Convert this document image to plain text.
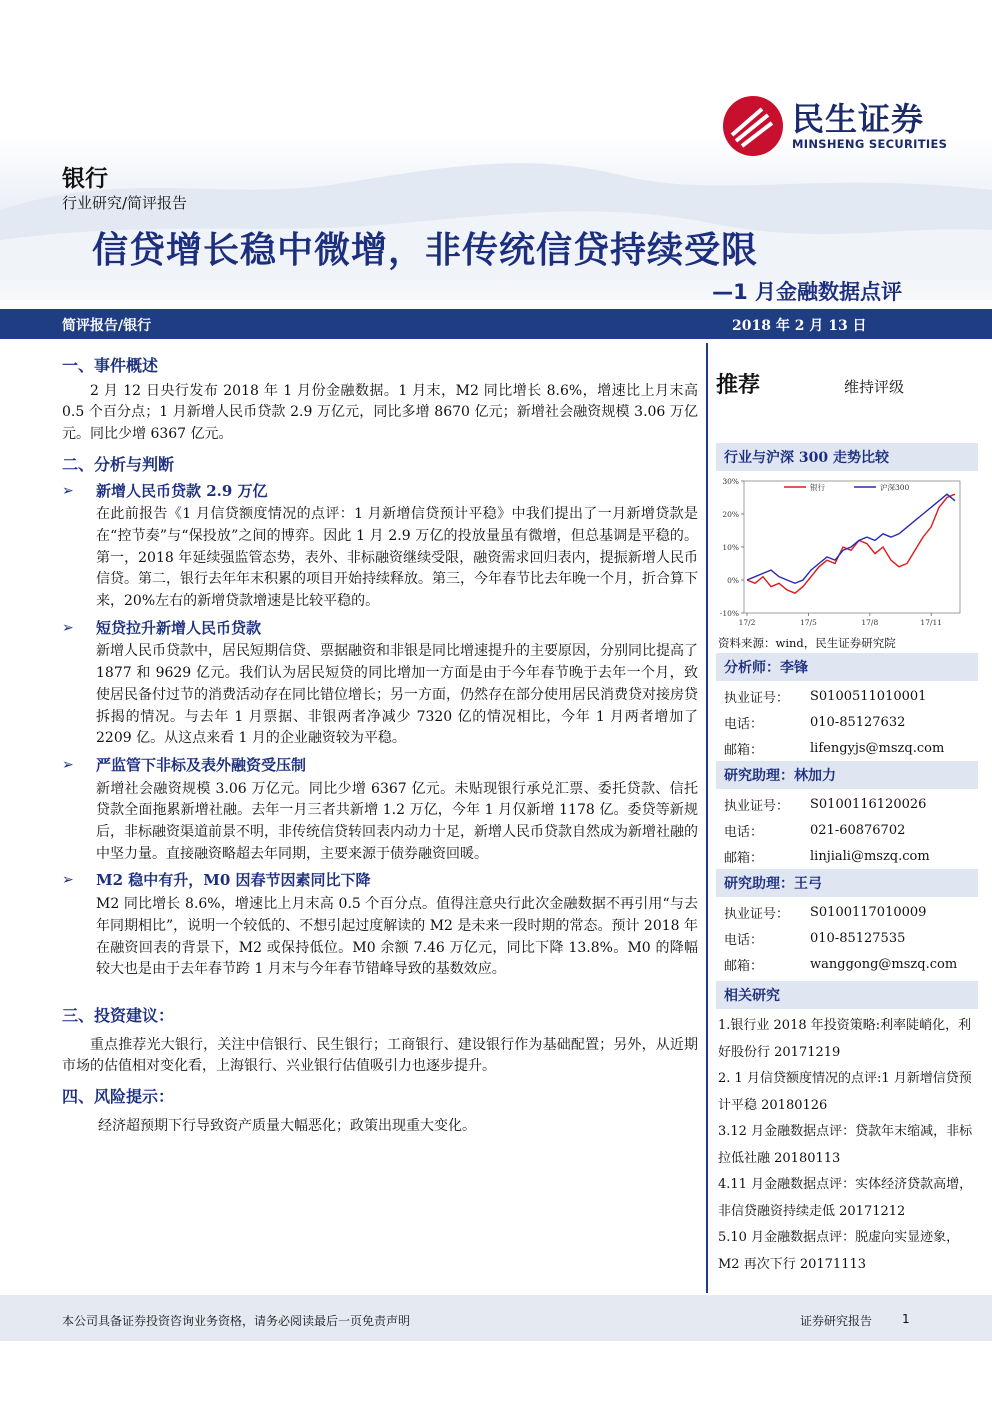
民生证券
MINSHENG SECURITIES
银行
行业研究/简评报告
信贷增长稳中微增，非传统信贷持续受限
—1 月金融数据点评
简评报告/银行	2018 年 2 月 13 日
一、事件概述
2 月 12 日央行发布 2018 年 1 月份金融数据。1 月末，M2 同比增长 8.6%，增速比上月末高 0.5 个百分点；1 月新增人民币贷款 2.9 万亿元，同比多增 8670 亿元；新增社会融资规模 3.06 万亿元。同比少增 6367 亿元。
二、分析与判断
➢	新增人民币贷款 2.9 万亿
在此前报告《1 月信贷额度情况的点评：1 月新增信贷预计平稳》中我们提出了一月新增贷款是在“控节奏”与“保投放”之间的博弈。因此 1 月 2.9 万亿的投放量虽有微增，但总基调是平稳的。第一，2018 年延续强监管态势，表外、非标融资继续受限，融资需求回归表内，提振新增人民币信贷。第二，银行去年年末积累的项目开始持续释放。第三，今年春节比去年晚一个月，折合算下来，20%左右的新增贷款增速是比较平稳的。
➢	短贷拉升新增人民币贷款
新增人民币贷款中，居民短期信贷、票据融资和非银是同比增速提升的主要原因，分别同比提高了 1877 和 9629 亿元。我们认为居民短贷的同比增加一方面是由于今年春节晚于去年一个月，致使居民备付过节的消费活动存在同比错位增长；另一方面，仍然存在部分使用居民消费贷对接房贷拆揭的情况。与去年 1 月票据、非银两者净减少 7320 亿的情况相比，今年 1 月两者增加了 2209 亿。从这点来看 1 月的企业融资较为平稳。
➢	严监管下非标及表外融资受压制
新增社会融资规模 3.06 万亿元。同比少增 6367 亿元。未贴现银行承兑汇票、委托贷款、信托贷款全面拖累新增社融。去年一月三者共新增 1.2 万亿，今年 1 月仅新增 1178 亿。委贷等新规后，非标融资渠道前景不明，非传统信贷转回表内动力十足，新增人民币贷款自然成为新增社融的中坚力量。直接融资略超去年同期，主要来源于债券融资回暖。
➢	M2 稳中有升，M0 因春节因素同比下降
M2 同比增长 8.6%，增速比上月末高 0.5 个百分点。值得注意央行此次金融数据不再引用“与去年同期相比”，说明一个较低的、不想引起过度解读的 M2 是未来一段时期的常态。预计 2018 年在融资回表的背景下，M2 或保持低位。M0 余额 7.46 万亿元，同比下降 13.8%。M0 的降幅较大也是由于去年春节跨 1 月末与今年春节错峰导致的基数效应。
三、投资建议：
重点推荐光大银行，关注中信银行、民生银行；工商银行、建设银行作为基础配置；另外，从近期市场的估值相对变化看，上海银行、兴业银行估值吸引力也逐步提升。
四、风险提示：
经济超预期下行导致资产质量大幅恶化；政策出现重大变化。
推荐	维持评级
行业与沪深 300 走势比较
30%
20%
10%
0%
-10%
17/2	17/5	17/8	17/11
银行	沪深300
资料来源：wind，民生证券研究院
分析师：李锋
执业证号：	S0100511010001
电话：	010-85127632
邮箱：	lifengyjs@mszq.com
研究助理：林加力
执业证号：	S0100116120026
电话：	021-60876702
邮箱：	linjiali@mszq.com
研究助理：王弓
执业证号：	S0100117010009
电话：	010-85127535
邮箱：	wanggong@mszq.com
相关研究
1.银行业 2018 年投资策略:利率陡峭化，利好股份行 20171219
2. 1 月信贷额度情况的点评:1 月新增信贷预计平稳 20180126
3.12 月金融数据点评：贷款年末缩减，非标拉低社融 20180113
4.11 月金融数据点评：实体经济贷款高增，非信贷融资持续走低 20171212
5.10 月金融数据点评：脱虚向实显迹象，M2 再次下行 20171113
本公司具备证券投资咨询业务资格，请务必阅读最后一页免责声明	证券研究报告 1
